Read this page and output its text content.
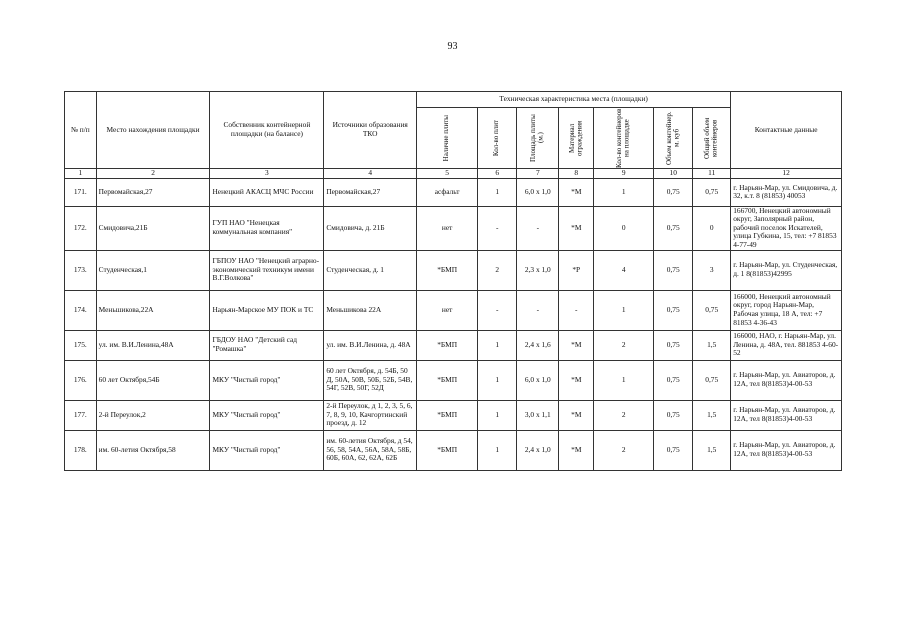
93
№ п/п	Место нахождения площадки	Собственник контейнерной площадки (на балансе)	Источники образования ТКО	Техническая характеристика места (площадки)							Контактные данные

				Наличие плиты	Кол-во плит	Площадь плиты (м.)	Материал ограждения	Кол-во контейнеров на площадке	Объем контейнер. м. куб	Общий объем контейнеров	

1	2	3	4	5	6	7	8	9	10	11	12
171.	Первомайская,27	Ненецкий АКАСЦ МЧС России	Первомайская,27	асфальт	1	6,0 х 1,0	*М	1	0,75	0,75	г. Нарьян-Мар, ул. Смидовича, д. 32, к.т. 8 (81853) 40053
172.	Смидовича,21Б	ГУП НАО "Ненецкая коммунальная компания"	Смидовича, д. 21Б	нет	-	-	*М	0	0,75	0	166700, Ненецкий автономный округ, Заполярный район, рабочий поселок Искателей, улица Губкина, 15, тел: +7 81853 4-77-49
173.	Студенческая,1	ГБПОУ НАО "Ненецкий аграрно-экономический техникум имени В.Г.Волкова"	Студенческая, д. 1	*БМП	2	2,3 х 1,0	*Р	4	0,75	3	г. Нарьян-Мар, ул. Студенческая, д. 1 8(81853)42995
174.	Меньшикова,22А	Нарьян-Марское МУ ПОК и ТС	Меньшикова 22А	нет	-	-	-	1	0,75	0,75	166000, Ненецкий автономный округ, город Нарьян-Мар, Рабочая улица, 18 А, тел: +7 81853 4-36-43
175.	ул. им. В.И.Ленина,48А	ГБДОУ НАО "Детский сад "Ромашка"	ул. им. В.И.Ленина, д. 48А	*БМП	1	2,4 х 1,6	*М	2	0,75	1,5	166000, НАО, г. Нарьян-Мар, ул. Ленина, д. 48А, тел. 881853 4-60-52
176.	60 лет Октября,54Б	МКУ "Чистый город"	60 лет Октября, д. 54Б, 50 Д, 50А, 50В, 50Б, 52Б, 54В, 54Г, 52В, 50Г, 52Д	*БМП	1	6,0 х 1,0	*М	1	0,75	0,75	г. Нарьян-Мар, ул. Авиаторов, д. 12А, тел 8(81853)4-00-53
177.	2-й Переулок,2	МКУ "Чистый город"	2-й Переулок, д 1, 2, 3, 5, 6, 7, 8, 9, 10, Качгортинский проезд, д. 12	*БМП	1	3,0 х 1,1	*М	2	0,75	1,5	г. Нарьян-Мар, ул. Авиаторов, д. 12А, тел 8(81853)4-00-53
178.	им. 60-летия Октября,58	МКУ "Чистый город"	им. 60-летия Октября, д 54, 56, 58, 54А, 56А, 58А, 58Б, 60Б, 60А, 62, 62А, 62Б	*БМП	1	2,4 х 1,0	*М	2	0,75	1,5	г. Нарьян-Мар, ул. Авиаторов, д. 12А, тел 8(81853)4-00-53
